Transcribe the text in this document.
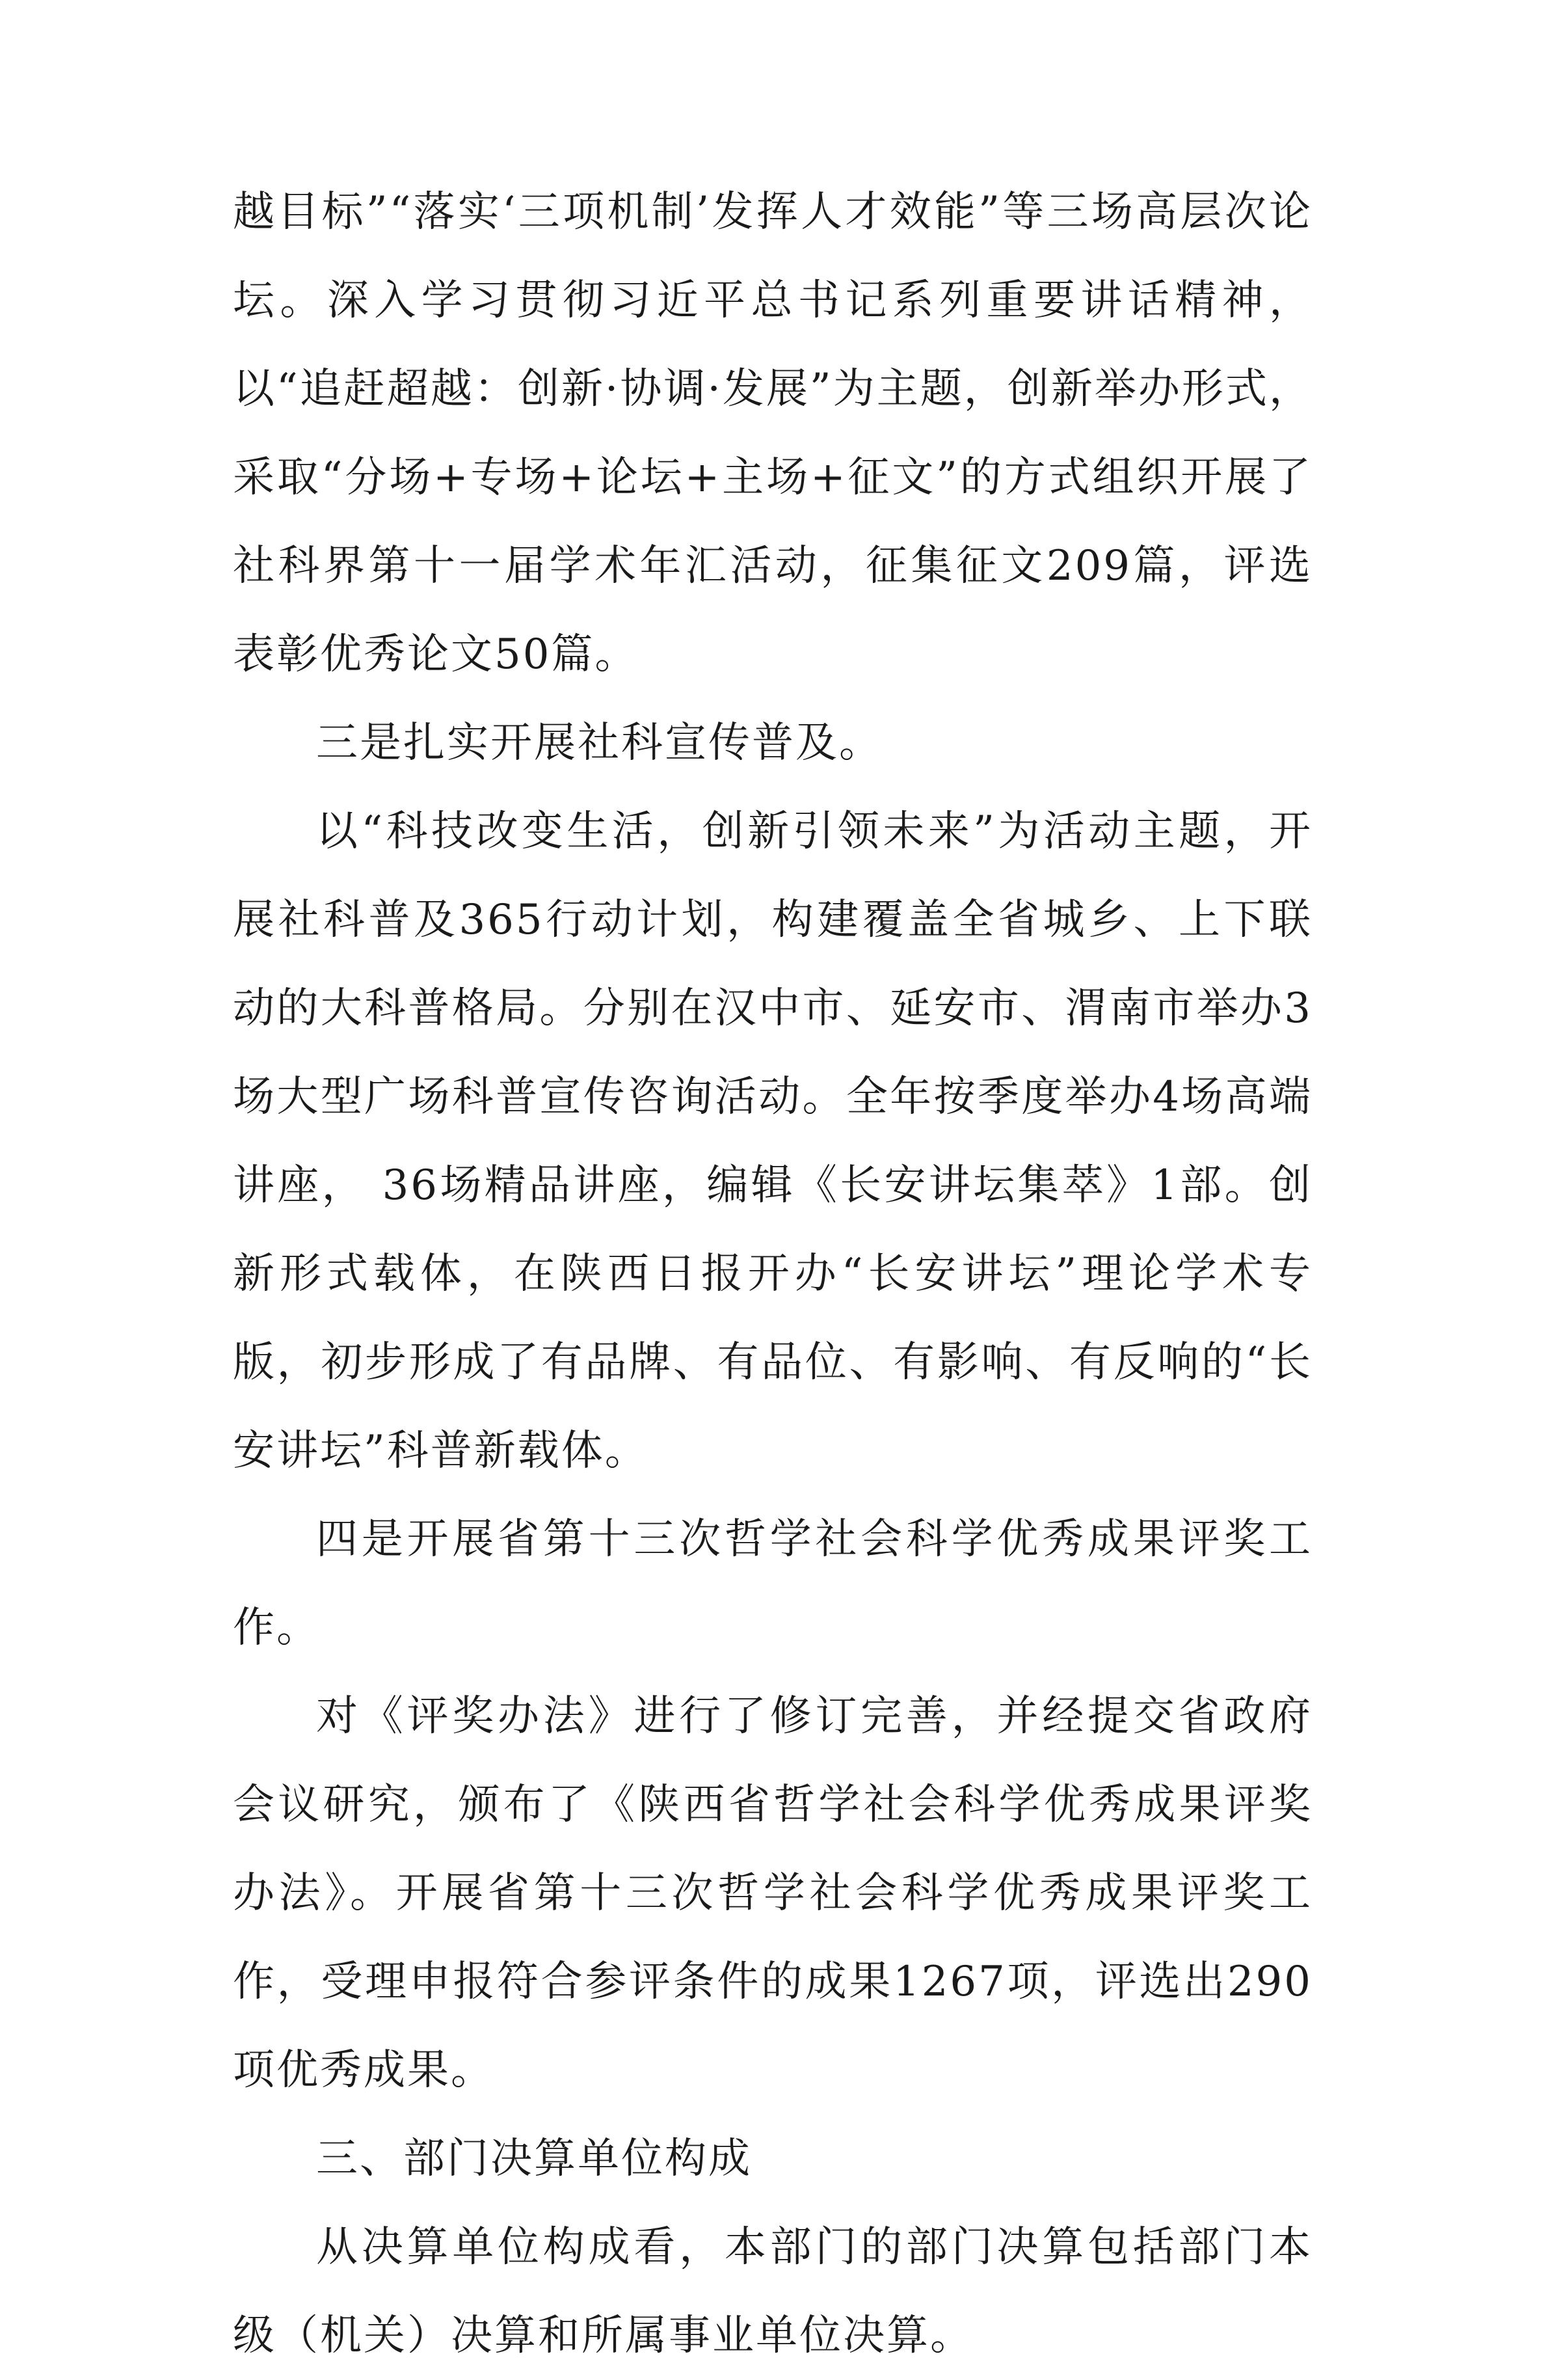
越目标”“落实‘三项机制’发挥人才效能”等三场高层次论坛。深入学习贯彻习近平总书记系列重要讲话精神，以“追赶超越：创新·协调·发展”为主题，创新举办形式，采取“分场+专场+论坛+主场+征文”的方式组织开展了社科界第十一届学术年汇活动，征集征文209篇，评选表彰优秀论文50篇。

三是扎实开展社科宣传普及。

以“科技改变生活，创新引领未来”为活动主题，开展社科普及365行动计划，构建覆盖全省城乡、上下联动的大科普格局。分别在汉中市、延安市、渭南市举办3场大型广场科普宣传咨询活动。全年按季度举办4场高端讲座， 36场精品讲座，编辑《长安讲坛集萃》1部。创新形式载体，在陕西日报开办“长安讲坛”理论学术专版，初步形成了有品牌、有品位、有影响、有反响的“长安讲坛”科普新载体。

四是开展省第十三次哲学社会科学优秀成果评奖工作。

对《评奖办法》进行了修订完善，并经提交省政府会议研究，颁布了《陕西省哲学社会科学优秀成果评奖办法》。开展省第十三次哲学社会科学优秀成果评奖工作，受理申报符合参评条件的成果1267项，评选出290项优秀成果。

三、部门决算单位构成

从决算单位构成看，本部门的部门决算包括部门本级（机关）决算和所属事业单位决算。
